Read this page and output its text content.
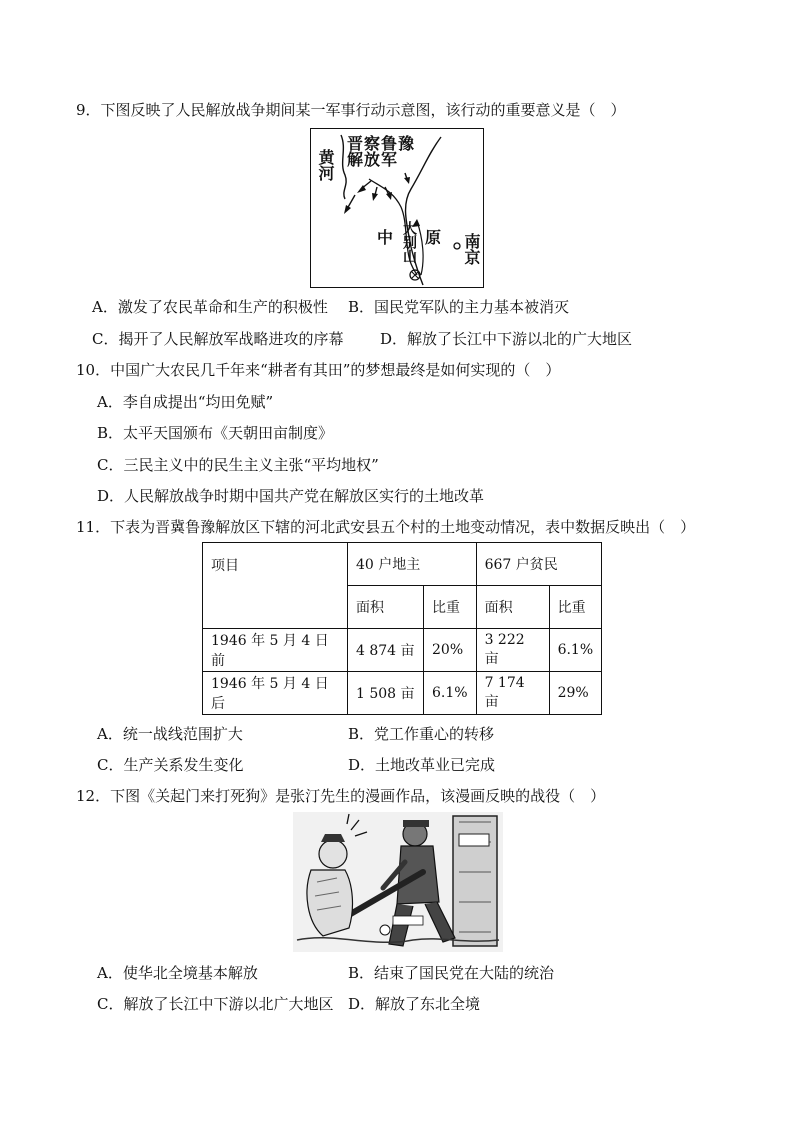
9．下图反映了人民解放战争期间某一军事行动示意图，该行动的重要意义是（　）
晋察鲁豫
解放军
黄河
中 原
大别山	南京
A．激发了农民革命和生产的积极性 B．国民党军队的主力基本被消灭
C．揭开了人民解放军战略进攻的序幕 D．解放了长江中下游以北的广大地区
10．中国广大农民几千年来“耕者有其田”的梦想最终是如何实现的（　）
A．李自成提出“均田免赋”
B．太平天国颁布《天朝田亩制度》
C．三民主义中的民生主义主张“平均地权”
D．人民解放战争时期中国共产党在解放区实行的土地改革
11．下表为晋冀鲁豫解放区下辖的河北武安县五个村的土地变动情况，表中数据反映出（　）
项目	40 户地主		667 户贫民	
	面积	比重	面积	比重
1946 年 5 月 4 日前	4 874 亩	20%	3 222 亩	6.1%
1946 年 5 月 4 日后	1 508 亩	6.1%	7 174 亩	29%
A．统一战线范围扩大	B．党工作重心的转移
C．生产关系发生变化	D．土地改革业已完成
12．下图《关起门来打死狗》是张汀先生的漫画作品，该漫画反映的战役（　）
A．使华北全境基本解放	B．结束了国民党在大陆的统治
C．解放了长江中下游以北广大地区 D．解放了东北全境
